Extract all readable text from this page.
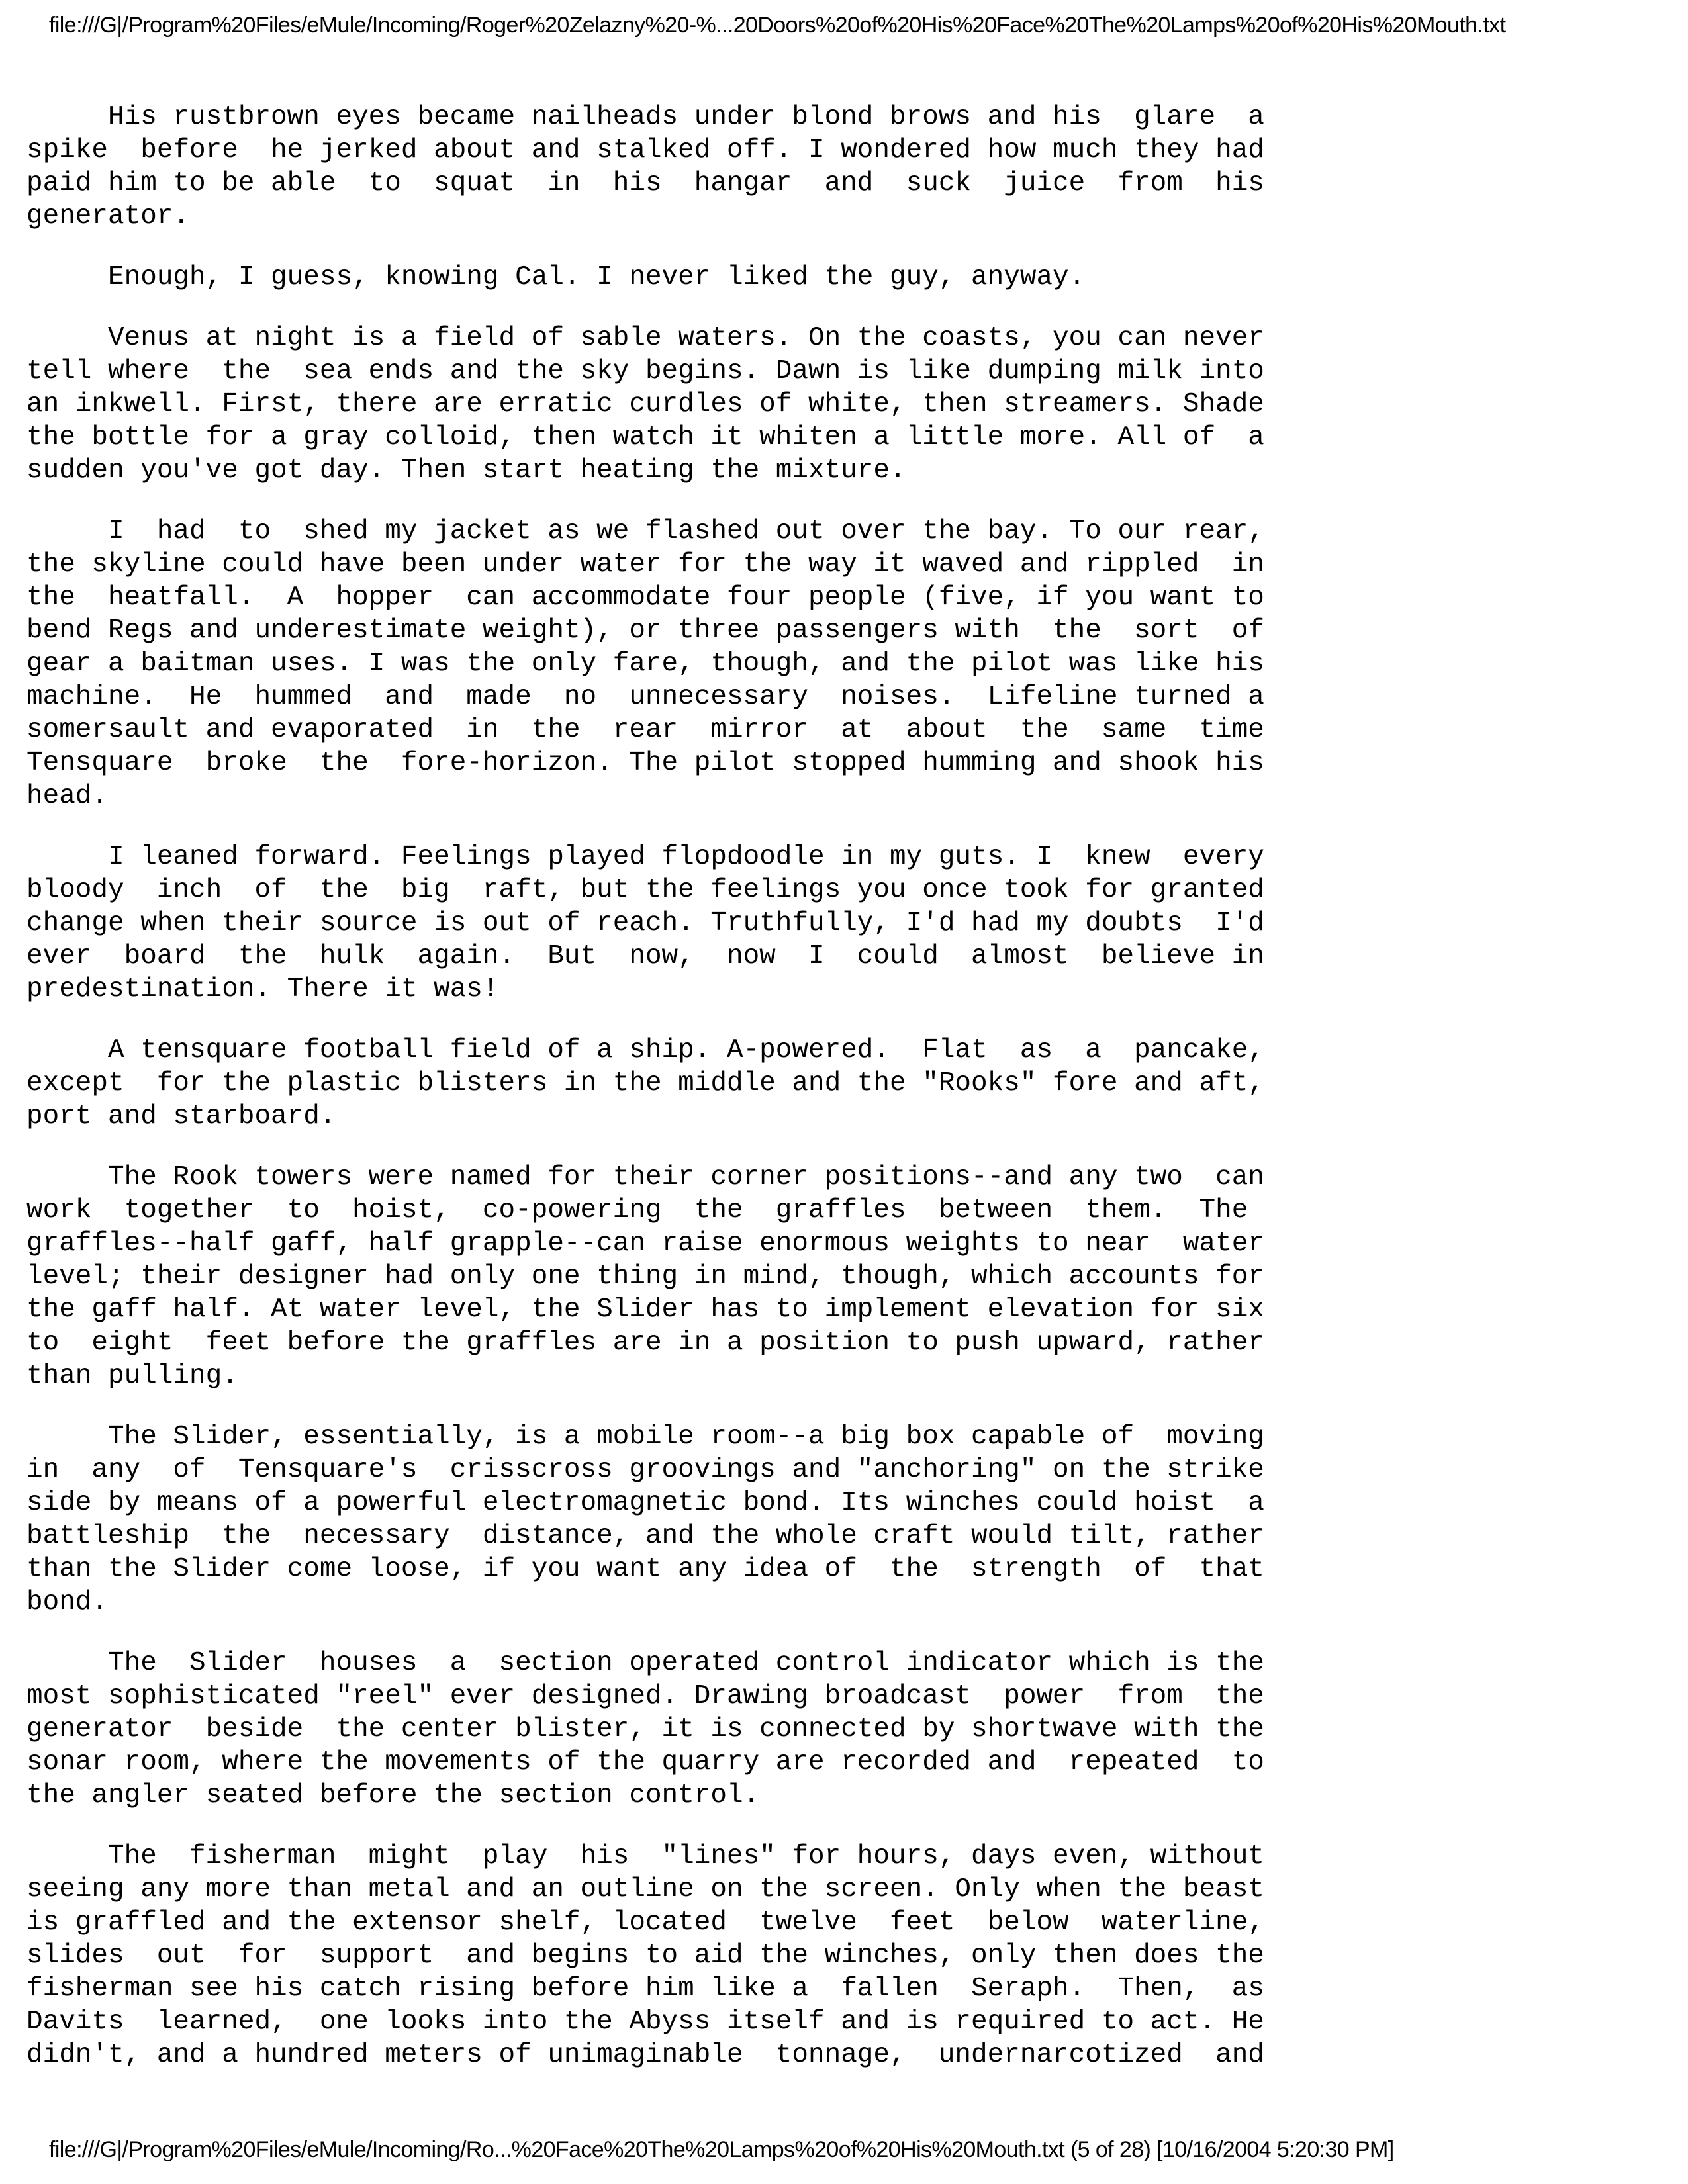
file:///G|/Program%20Files/eMule/Incoming/Roger%20Zelazny%20-%...20Doors%20of%20His%20Face%20The%20Lamps%20of%20His%20Mouth.txt

His rustbrown eyes became nailheads under blond brows and his  glare  a
spike  before  he jerked about and stalked off. I wondered how much they had
paid him to be able  to  squat  in  his  hangar  and  suck  juice  from  his
generator.

Enough, I guess, knowing Cal. I never liked the guy, anyway.

Venus at night is a field of sable waters. On the coasts, you can never
tell where  the  sea ends and the sky begins. Dawn is like dumping milk into
an inkwell. First, there are erratic curdles of white, then streamers. Shade
the bottle for a gray colloid, then watch it whiten a little more. All of  a
sudden you've got day. Then start heating the mixture.

I  had  to  shed my jacket as we flashed out over the bay. To our rear,
the skyline could have been under water for the way it waved and rippled  in
the  heatfall.  A  hopper  can accommodate four people (five, if you want to
bend Regs and underestimate weight), or three passengers with  the  sort  of
gear a baitman uses. I was the only fare, though, and the pilot was like his
machine.  He  hummed  and  made  no  unnecessary  noises.  Lifeline turned a
somersault and evaporated  in  the  rear  mirror  at  about  the  same  time
Tensquare  broke  the  fore-horizon. The pilot stopped humming and shook his
head.

I leaned forward. Feelings played flopdoodle in my guts. I  knew  every
bloody  inch  of  the  big  raft, but the feelings you once took for granted
change when their source is out of reach. Truthfully, I'd had my doubts  I'd
ever  board  the  hulk  again.  But  now,  now  I  could  almost  believe in
predestination. There it was!

A tensquare football field of a ship. A-powered.  Flat  as  a  pancake,
except  for the plastic blisters in the middle and the "Rooks" fore and aft,
port and starboard.

The Rook towers were named for their corner positions--and any two  can
work  together  to  hoist,  co-powering  the  graffles  between  them.  The
graffles--half gaff, half grapple--can raise enormous weights to near  water
level; their designer had only one thing in mind, though, which accounts for
the gaff half. At water level, the Slider has to implement elevation for six
to  eight  feet before the graffles are in a position to push upward, rather
than pulling.

The Slider, essentially, is a mobile room--a big box capable of  moving
in  any  of  Tensquare's  crisscross groovings and "anchoring" on the strike
side by means of a powerful electromagnetic bond. Its winches could hoist  a
battleship  the  necessary  distance, and the whole craft would tilt, rather
than the Slider come loose, if you want any idea of  the  strength  of  that
bond.

The  Slider  houses  a  section operated control indicator which is the
most sophisticated "reel" ever designed. Drawing broadcast  power  from  the
generator  beside  the center blister, it is connected by shortwave with the
sonar room, where the movements of the quarry are recorded and  repeated  to
the angler seated before the section control.

The  fisherman  might  play  his  "lines" for hours, days even, without
seeing any more than metal and an outline on the screen. Only when the beast
is graffled and the extensor shelf, located  twelve  feet  below  waterline,
slides  out  for  support  and begins to aid the winches, only then does the
fisherman see his catch rising before him like a  fallen  Seraph.  Then,  as
Davits  learned,  one looks into the Abyss itself and is required to act. He
didn't, and a hundred meters of unimaginable  tonnage,  undernarcotized  and

file:///G|/Program%20Files/eMule/Incoming/Ro...%20Face%20The%20Lamps%20of%20His%20Mouth.txt (5 of 28) [10/16/2004 5:20:30 PM]
